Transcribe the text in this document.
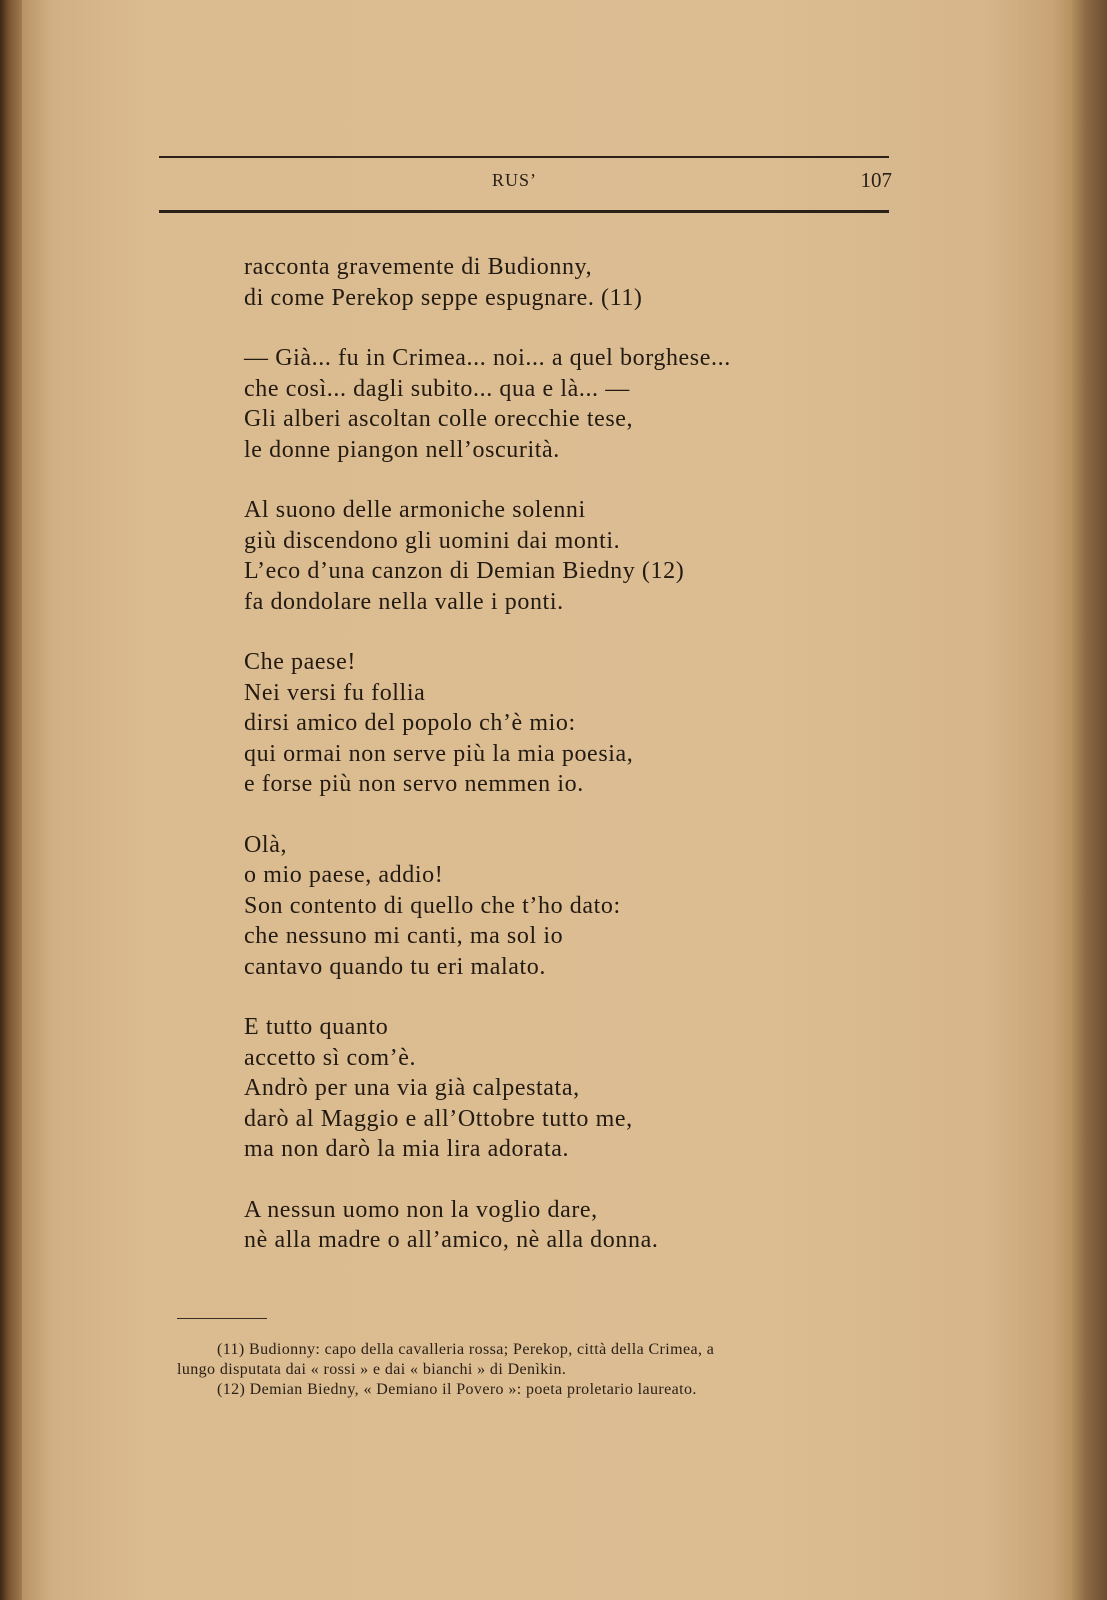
RUS’	107
racconta gravemente di Budionny,
di come Perekop seppe espugnare. (11)
— Già... fu in Crimea... noi... a quel borghese...
che così... dagli subito... qua e là... —
Gli alberi ascoltan colle orecchie tese,
le donne piangon nell’oscurità.
Al suono delle armoniche solenni
giù discendono gli uomini dai monti.
L’eco d’una canzon di Demian Biedny (12)
fa dondolare nella valle i ponti.
Che paese!
Nei versi fu follia
dirsi amico del popolo ch’è mio:
qui ormai non serve più la mia poesia,
e forse più non servo nemmen io.
Olà,
o mio paese, addio!
Son contento di quello che t’ho dato:
che nessuno mi canti, ma sol io
cantavo quando tu eri malato.
E tutto quanto
accetto sì com’è.
Andrò per una via già calpestata,
darò al Maggio e all’Ottobre tutto me,
ma non darò la mia lira adorata.
A nessun uomo non la voglio dare,
nè alla madre o all’amico, nè alla donna.
(11) Budionny: capo della cavalleria rossa; Perekop, città della Crimea, a
lungo disputata dai « rossi » e dai « bianchi » di Denìkin.
(12) Demian Biedny, « Demiano il Povero »: poeta proletario laureato.
